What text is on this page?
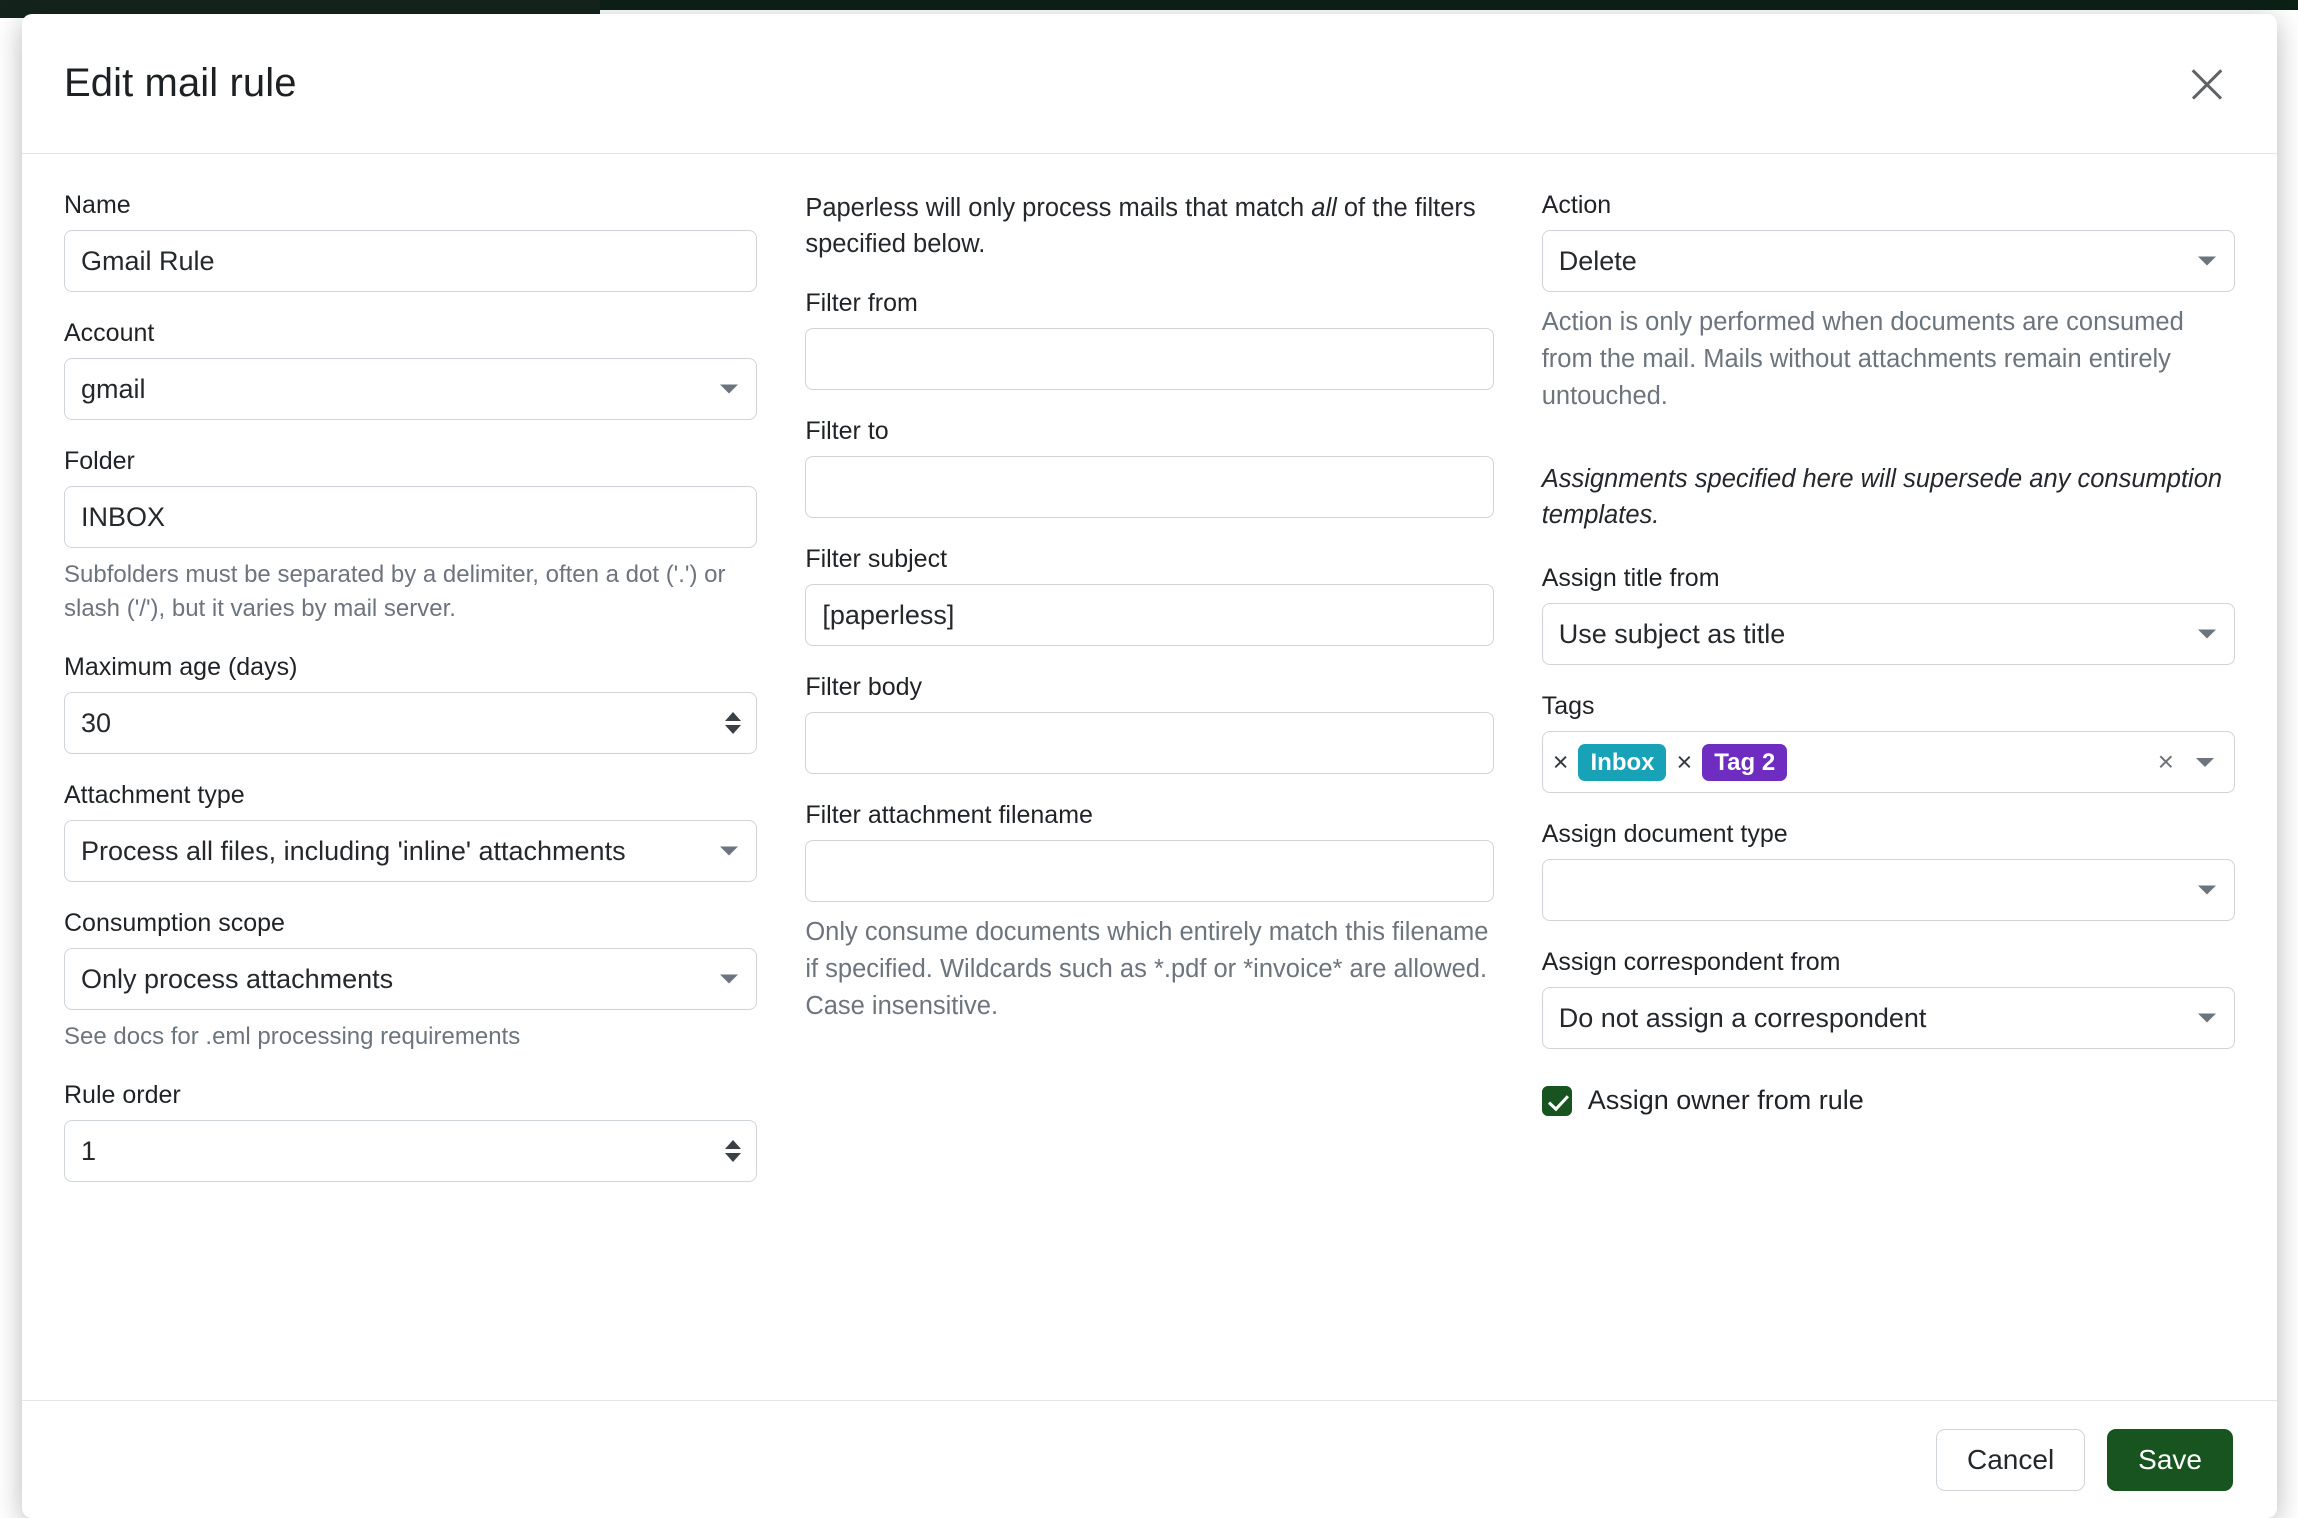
Edit mail rule
Name
Gmail Rule
Account
gmail
Folder
INBOX
Subfolders must be separated by a delimiter, often a dot ('.') or slash ('/'), but it varies by mail server.
Maximum age (days)
30
Attachment type
Process all files, including 'inline' attachments
Consumption scope
Only process attachments
See docs for .eml processing requirements
Rule order
1
Paperless will only process mails that match all of the filters specified below.
Filter from
Filter to
Filter subject
[paperless]
Filter body
Filter attachment filename
Only consume documents which entirely match this filename if specified. Wildcards such as *.pdf or *invoice* are allowed. Case insensitive.
Action
Delete
Action is only performed when documents are consumed from the mail. Mails without attachments remain entirely untouched.
Assignments specified here will supersede any consumption templates.
Assign title from
Use subject as title
Tags
× Inbox × Tag 2	×
Assign document type
Assign correspondent from
Do not assign a correspondent
Assign owner from rule
Cancel	Save
